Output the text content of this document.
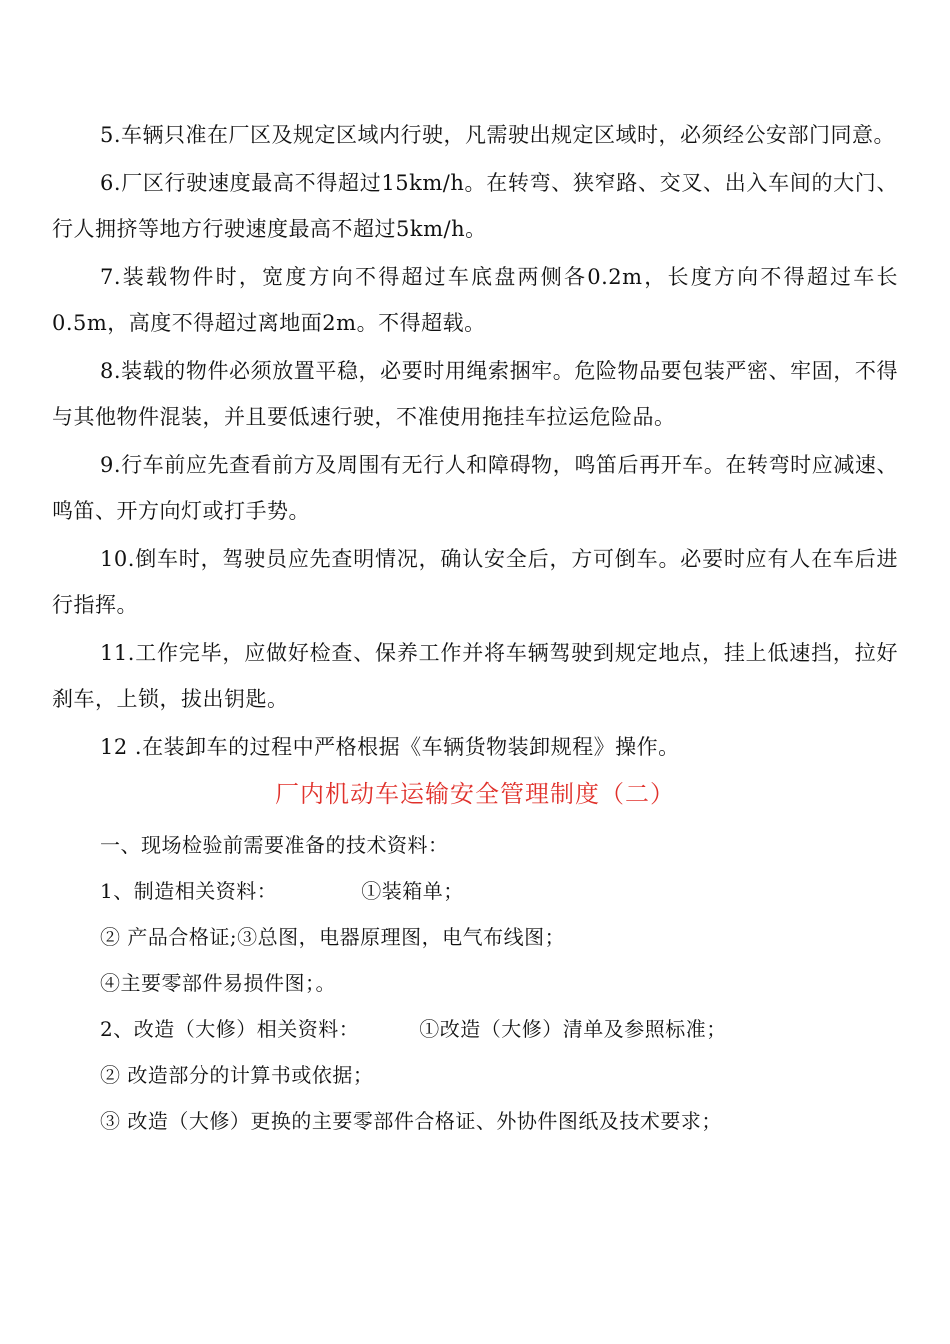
5.车辆只准在厂区及规定区域内行驶，凡需驶出规定区域时，必须经公安部门同意。

6.厂区行驶速度最高不得超过15km/h。在转弯、狭窄路、交叉、出入车间的大门、行人拥挤等地方行驶速度最高不超过5km/h。

7.装载物件时，宽度方向不得超过车底盘两侧各0.2m，长度方向不得超过车长0.5m，高度不得超过离地面2m。不得超载。

8.装载的物件必须放置平稳，必要时用绳索捆牢。危险物品要包装严密、牢固，不得与其他物件混装，并且要低速行驶，不准使用拖挂车拉运危险品。

9.行车前应先查看前方及周围有无行人和障碍物，鸣笛后再开车。在转弯时应减速、鸣笛、开方向灯或打手势。

10.倒车时，驾驶员应先查明情况，确认安全后，方可倒车。必要时应有人在车后进行指挥。

11.工作完毕，应做好检查、保养工作并将车辆驾驶到规定地点，挂上低速挡，拉好刹车，上锁，拔出钥匙。

12 .在装卸车的过程中严格根据《车辆货物装卸规程》操作。

厂内机动车运输安全管理制度（二）

一、现场检验前需要准备的技术资料：

1、制造相关资料：	①装箱单；

② 产品合格证;③总图，电器原理图，电气布线图；

④主要零部件易损件图；。

2、改造（大修）相关资料：	①改造（大修）清单及参照标准；

② 改造部分的计算书或依据；

③ 改造（大修）更换的主要零部件合格证、外协件图纸及技术要求；
